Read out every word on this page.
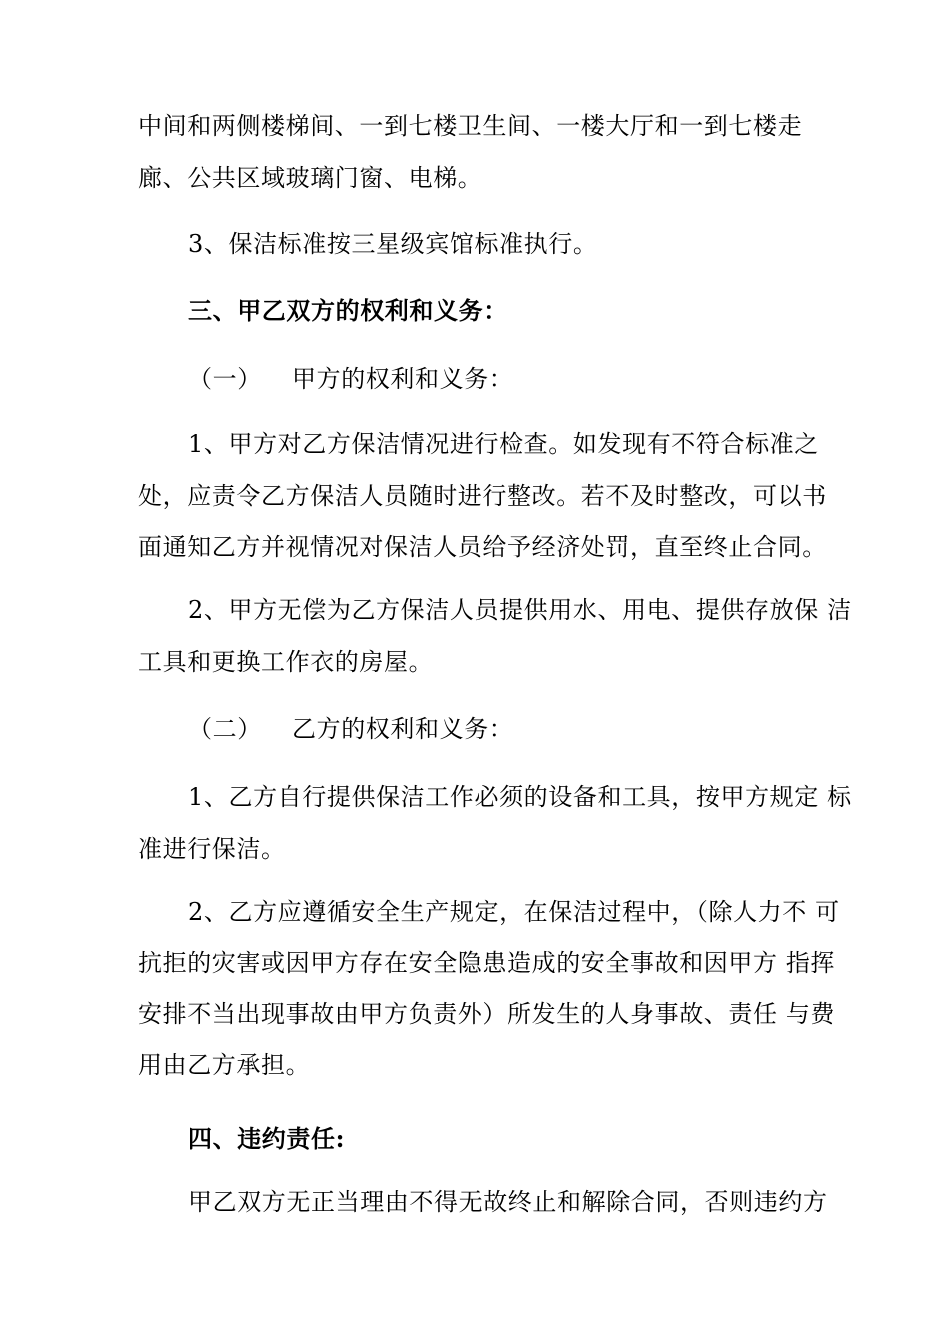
中间和两侧楼梯间、一到七楼卫生间、一楼大厅和一到七楼走
廊、公共区域玻璃门窗、电梯。
3、保洁标准按三星级宾馆标准执行。
三、甲乙双方的权利和义务：
（一） 甲方的权利和义务：
1、甲方对乙方保洁情况进行检查。如发现有不符合标准之
处，应责令乙方保洁人员随时进行整改。若不及时整改，可以书
面通知乙方并视情况对保洁人员给予经济处罚，直至终止合同。
2、甲方无偿为乙方保洁人员提供用水、用电、提供存放保 洁
工具和更换工作衣的房屋。
（二） 乙方的权利和义务：
1、乙方自行提供保洁工作必须的设备和工具，按甲方规定 标
准进行保洁。
2、乙方应遵循安全生产规定，在保洁过程中，（除人力不 可
抗拒的灾害或因甲方存在安全隐患造成的安全事故和因甲方 指挥
安排不当出现事故由甲方负责外）所发生的人身事故、责任 与费
用由乙方承担。
四、违约责任:
甲乙双方无正当理由不得无故终止和解除合同，否则违约方
